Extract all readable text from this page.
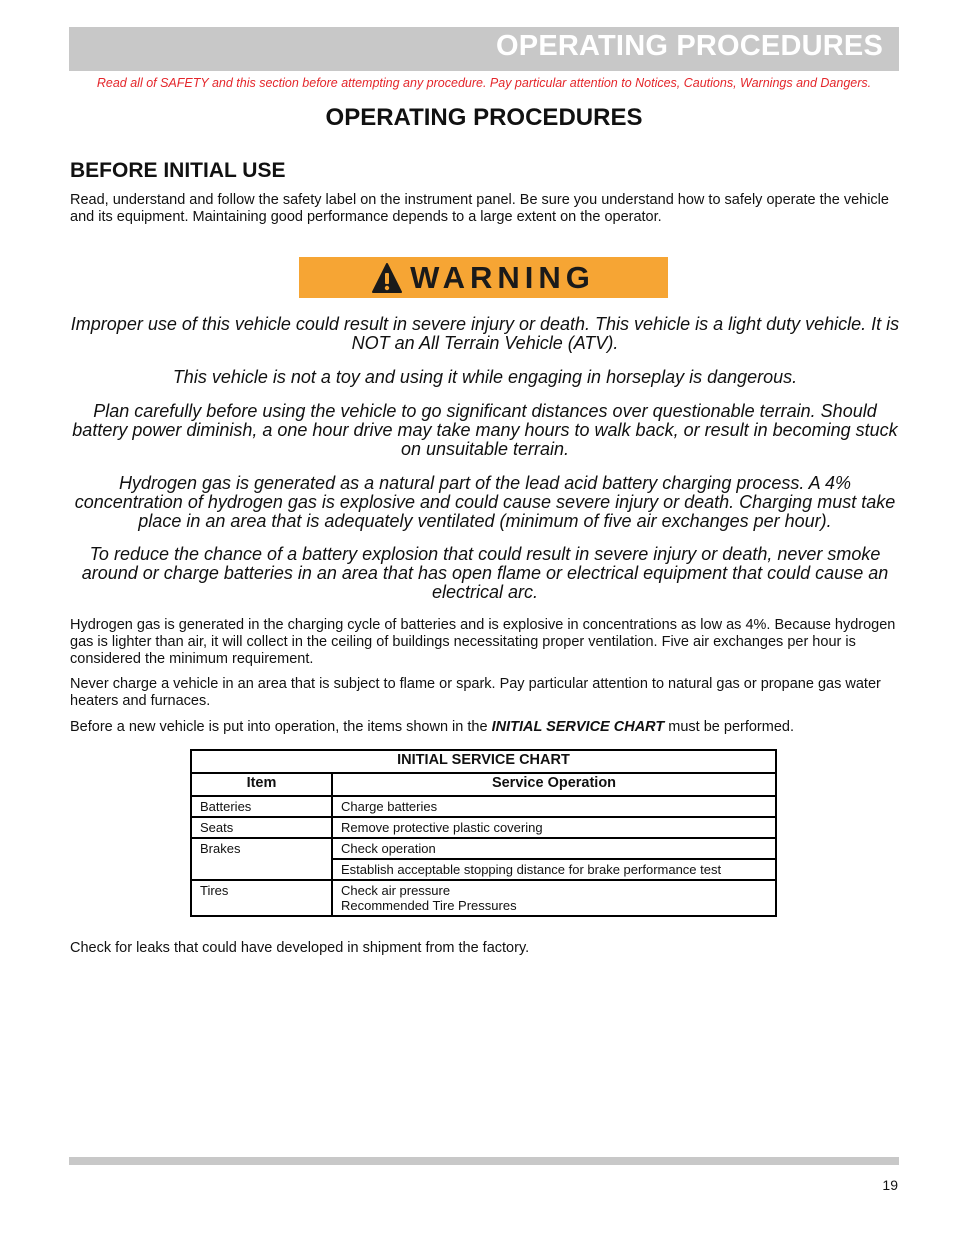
OPERATING PROCEDURES
Read all of SAFETY and this section before attempting any procedure. Pay particular attention to Notices, Cautions, Warnings and Dangers.
OPERATING PROCEDURES
BEFORE INITIAL USE
Read, understand and follow the safety label on the instrument panel. Be sure you understand how to safely operate the vehicle and its equipment. Maintaining good performance depends to a large extent on the operator.
WARNING
Improper use of this vehicle could result in severe injury or death. This vehicle is a light duty vehicle. It is NOT an All Terrain Vehicle (ATV).
This vehicle is not a toy and using it while engaging in horseplay is dangerous.
Plan carefully before using the vehicle to go significant distances over questionable terrain. Should battery power diminish, a one hour drive may take many hours to walk back, or result in becoming stuck on unsuitable terrain.
Hydrogen gas is generated as a natural part of the lead acid battery charging process. A 4% concentration of hydrogen gas is explosive and could cause severe injury or death. Charging must take place in an area that is adequately ventilated (minimum of five air exchanges per hour).
To reduce the chance of a battery explosion that could result in severe injury or death, never smoke around or charge batteries in an area that has open flame or electrical equipment that could cause an electrical arc.
Hydrogen gas is generated in the charging cycle of batteries and is explosive in concentrations as low as 4%. Because hydrogen gas is lighter than air, it will collect in the ceiling of buildings necessitating proper ventilation. Five air exchanges per hour is considered the minimum requirement.
Never charge a vehicle in an area that is subject to flame or spark. Pay particular attention to natural gas or propane gas water heaters and furnaces.
Before a new vehicle is put into operation, the items shown in the INITIAL SERVICE CHART must be performed.
INITIAL SERVICE CHART	
Item	Service Operation
Batteries	Charge batteries
Seats	Remove protective plastic covering
Brakes	Check operation
	Establish acceptable stopping distance for brake performance test
Tires	Check air pressure
Recommended Tire Pressures
Check for leaks that could have developed in shipment from the factory.
19
